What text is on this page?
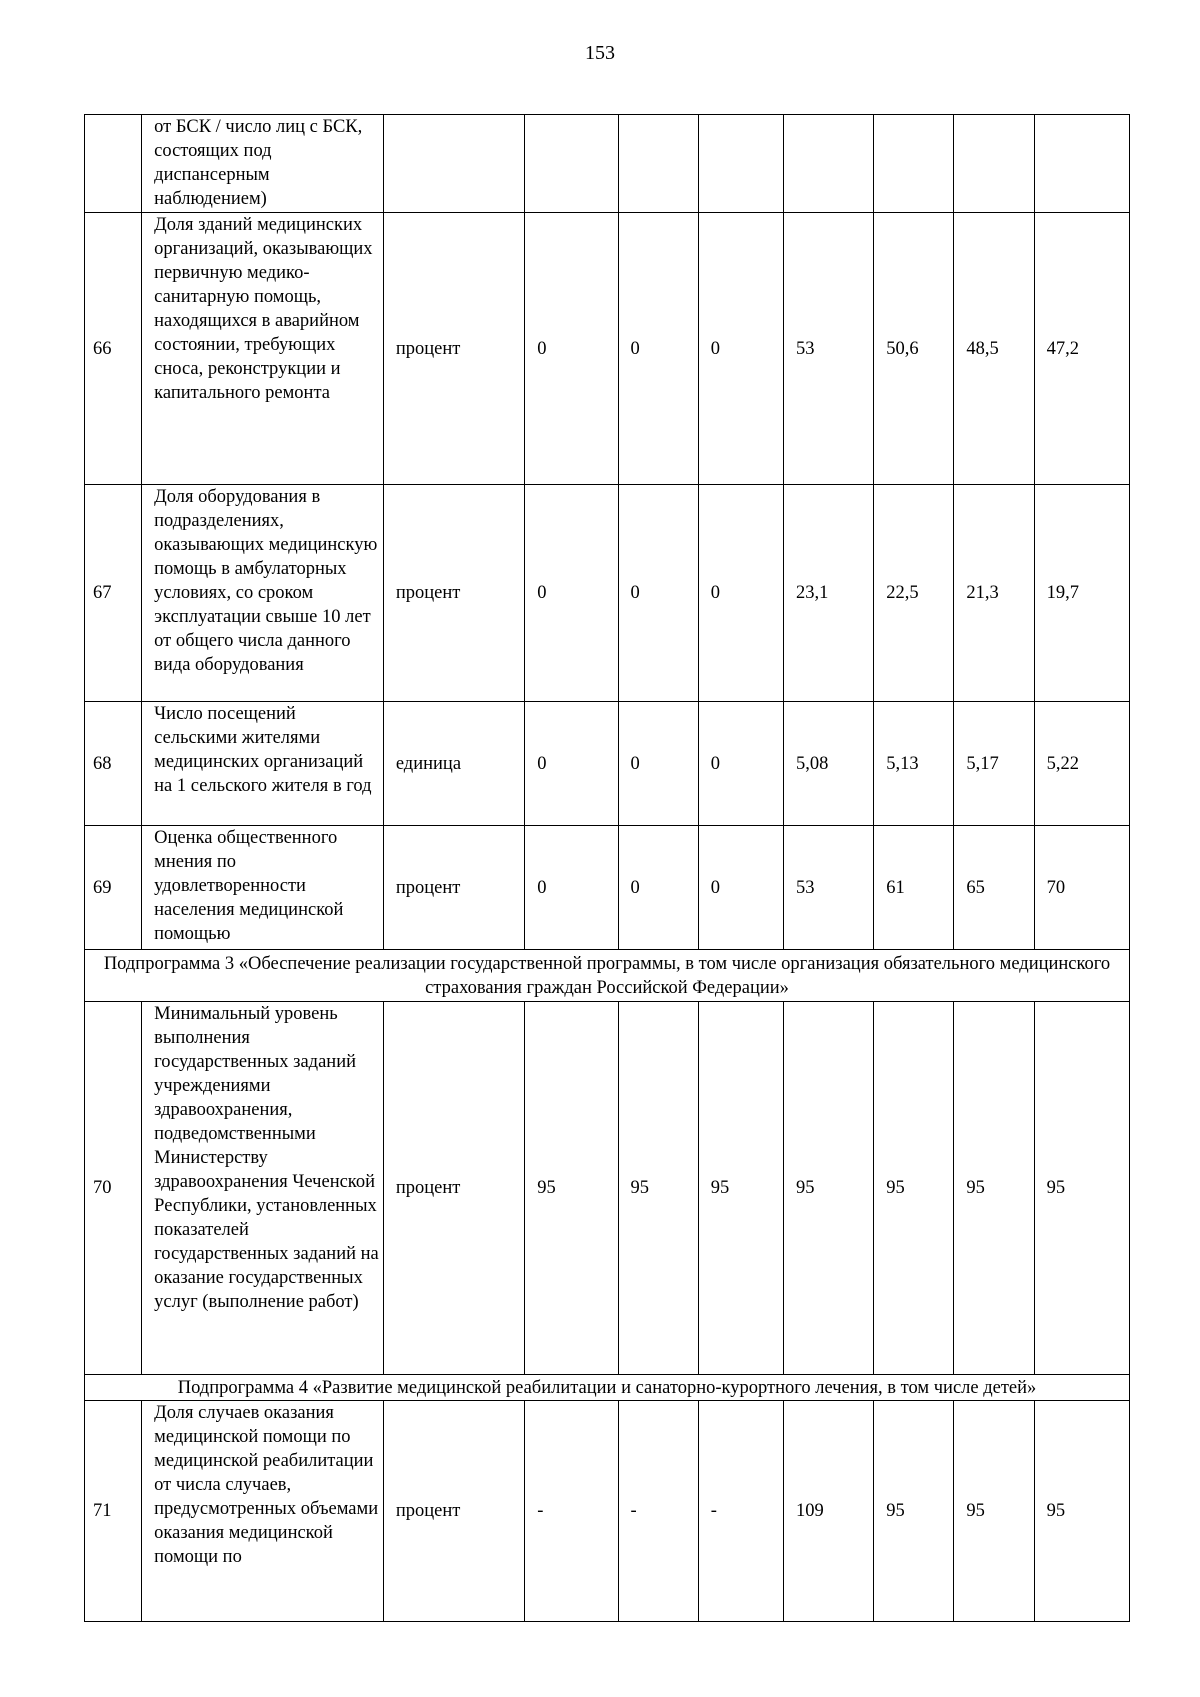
153
	от БСК / число лиц с БСК, состоящих под диспансерным наблюдением)								
66	Доля зданий медицинских организаций, оказывающих первичную медико-санитарную помощь, находящихся в аварийном состоянии, требующих сноса, реконструкции и капитального ремонта	процент	0	0	0	53	50,6	48,5	47,2
67	Доля оборудования в подразделениях, оказывающих медицинскую помощь в амбулаторных условиях, со сроком эксплуатации свыше 10 лет от общего числа данного вида оборудования	процент	0	0	0	23,1	22,5	21,3	19,7
68	Число посещений сельскими жителями медицинских организаций на 1 сельского жителя в год	единица	0	0	0	5,08	5,13	5,17	5,22
69	Оценка общественного мнения по удовлетворенности населения медицинской помощью	процент	0	0	0	53	61	65	70
Подпрограмма 3 «Обеспечение реализации государственной программы, в том числе организация обязательного медицинского страхования граждан Российской Федерации»									
70	Минимальный уровень выполнения государственных заданий учреждениями здравоохранения, подведомственными Министерству здравоохранения Чеченской Республики, установленных показателей государственных заданий на оказание государственных услуг (выполнение работ)	процент	95	95	95	95	95	95	95
Подпрограмма 4 «Развитие медицинской реабилитации и санаторно-курортного лечения, в том числе детей»									
71	Доля случаев оказания медицинской помощи по медицинской реабилитации от числа случаев, предусмотренных объемами оказания медицинской помощи по	процент	-	-	-	109	95	95	95
